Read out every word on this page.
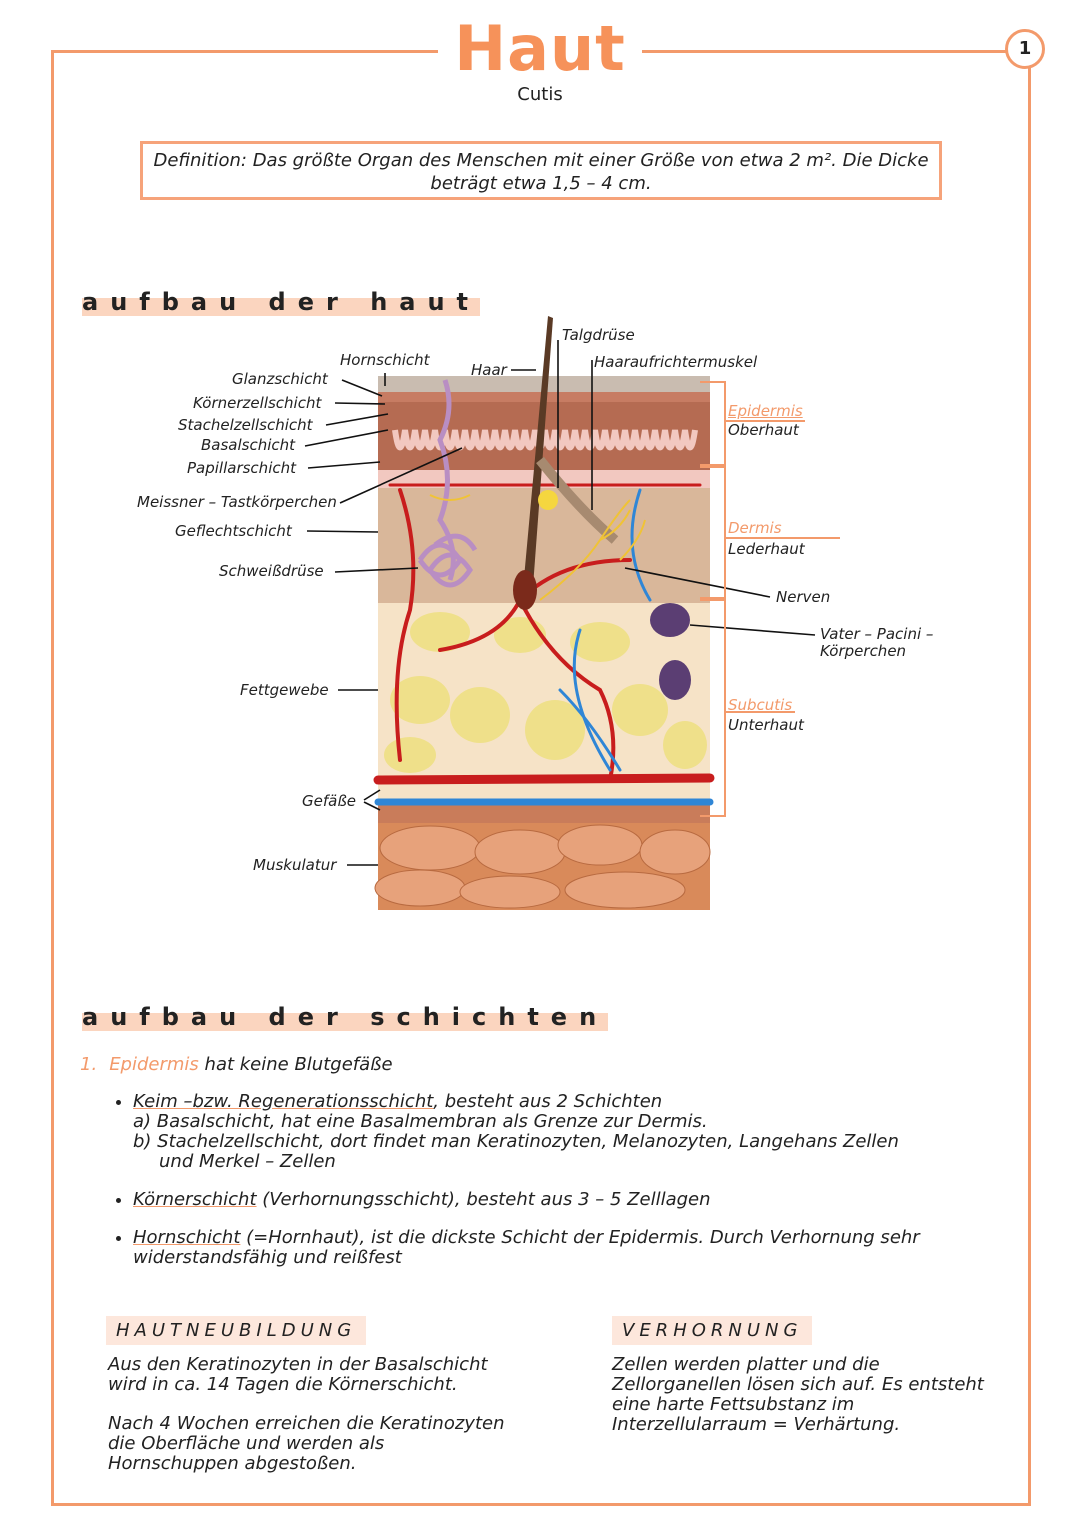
Haut
Cutis
1
Definition: Das größte Organ des Menschen mit einer Größe von etwa 2 m². Die Dicke
beträgt etwa 1,5 – 4 cm.
aufbau der haut
Hornschicht
Glanzschicht
Körnerzellschicht
Stachelzellschicht
Basalschicht
Papillarschicht
Meissner – Tastkörperchen
Geflechtschicht
Schweißdrüse
Fettgewebe
Gefäße
Muskulatur
Haar
Talgdrüse
Haaraufrichtermuskel
Epidermis
Oberhaut
Dermis
Lederhaut
Nerven
Vater – Pacini –
Körperchen
Subcutis
Unterhaut
aufbau der schichten
1. Epidermis hat keine Blutgefäße
• Keim –bzw. Regenerationsschicht, besteht aus 2 Schichten
a) Basalschicht, hat eine Basalmembran als Grenze zur Dermis.
b) Stachelzellschicht, dort findet man Keratinozyten, Melanozyten, Langehans Zellen
und Merkel – Zellen
• Körnerschicht (Verhornungsschicht), besteht aus 3 – 5 Zelllagen
• Hornschicht (=Hornhaut), ist die dickste Schicht der Epidermis. Durch Verhornung sehr
widerstandsfähig und reißfest
HAUTNEUBILDUNG
Aus den Keratinozyten in der Basalschicht
wird in ca. 14 Tagen die Körnerschicht.
Nach 4 Wochen erreichen die Keratinozyten
die Oberfläche und werden als
Hornschuppen abgestoßen.
VERHORNUNG
Zellen werden platter und die
Zellorganellen lösen sich auf. Es entsteht
eine harte Fettsubstanz im
Interzellularraum = Verhärtung.
